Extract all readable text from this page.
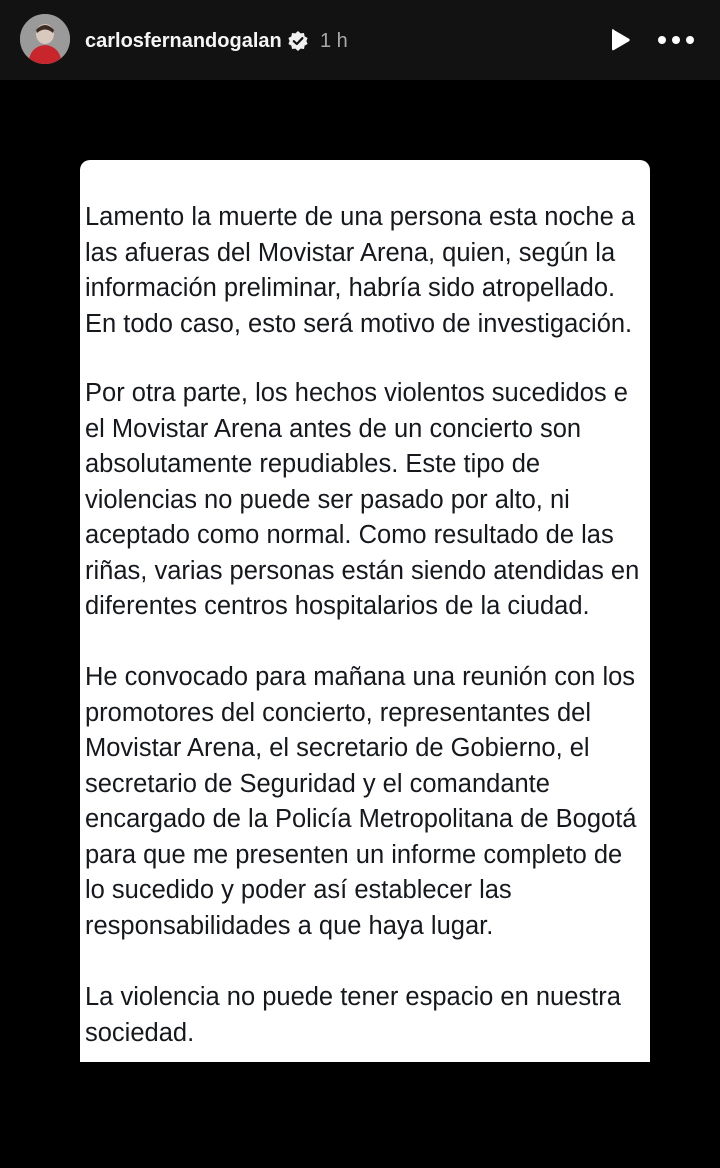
carlosfernandogalan 1 h

Lamento la muerte de una persona esta noche a
las afueras del Movistar Arena, quien, según la
información preliminar, habría sido atropellado.
En todo caso, esto será motivo de investigación.

Por otra parte, los hechos violentos sucedidos e
el Movistar Arena antes de un concierto son
absolutamente repudiables. Este tipo de
violencias no puede ser pasado por alto, ni
aceptado como normal. Como resultado de las
riñas, varias personas están siendo atendidas en
diferentes centros hospitalarios de la ciudad.

He convocado para mañana una reunión con los
promotores del concierto, representantes del
Movistar Arena, el secretario de Gobierno, el
secretario de Seguridad y el comandante
encargado de la Policía Metropolitana de Bogotá
para que me presenten un informe completo de
lo sucedido y poder así establecer las
responsabilidades a que haya lugar.

La violencia no puede tener espacio en nuestra
sociedad.
